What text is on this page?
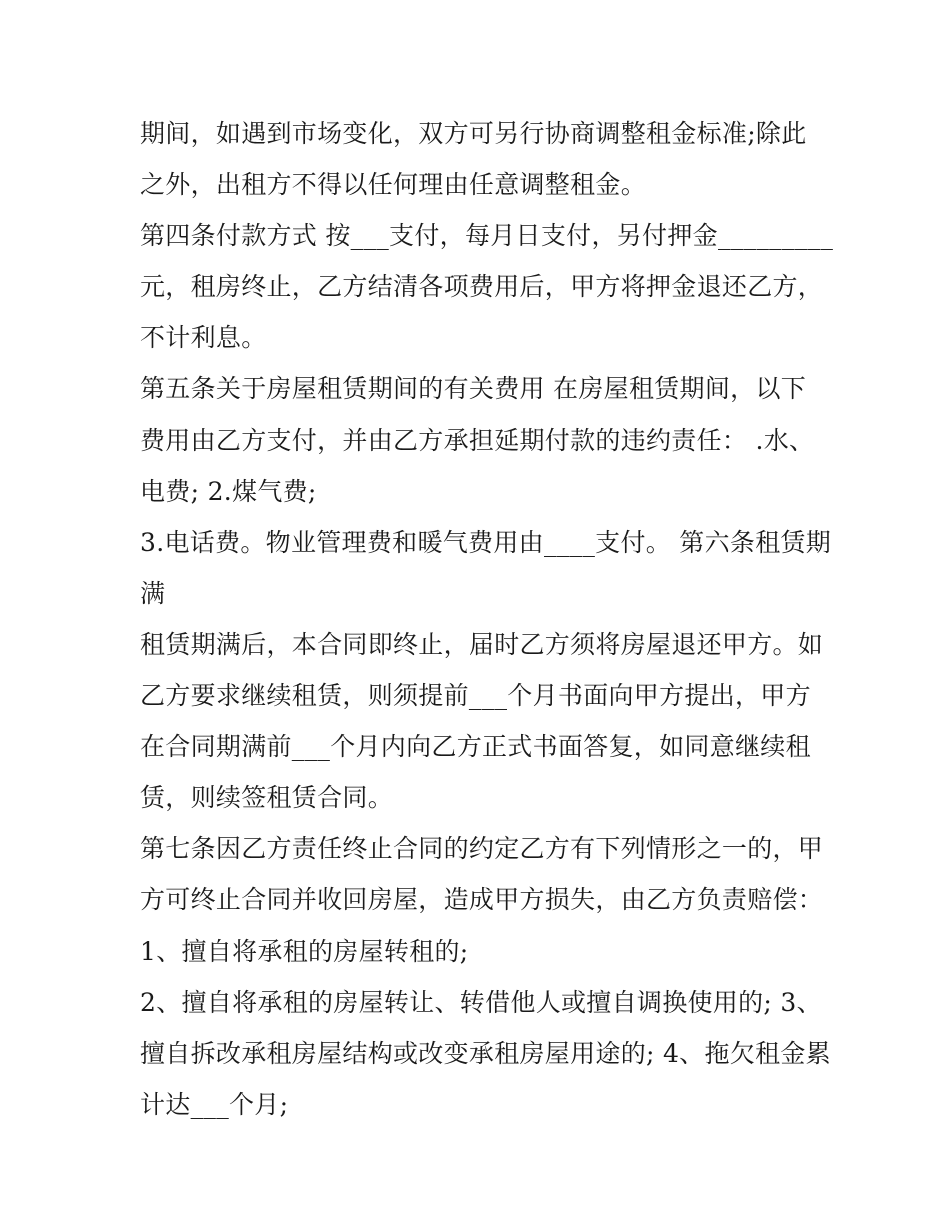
期间，如遇到市场变化，双方可另行协商调整租金标准;除此
之外，出租方不得以任何理由任意调整租金。
第四条付款方式 按___支付，每月日支付，另付押金_________
元，租房终止，乙方结清各项费用后，甲方将押金退还乙方，
不计利息。
第五条关于房屋租赁期间的有关费用 在房屋租赁期间，以下
费用由乙方支付，并由乙方承担延期付款的违约责任： .水、
电费; 2.煤气费;
3.电话费。物业管理费和暖气费用由____支付。 第六条租赁期
满
租赁期满后，本合同即终止，届时乙方须将房屋退还甲方。如
乙方要求继续租赁，则须提前___个月书面向甲方提出，甲方
在合同期满前___个月内向乙方正式书面答复，如同意继续租
赁，则续签租赁合同。
第七条因乙方责任终止合同的约定乙方有下列情形之一的，甲
方可终止合同并收回房屋，造成甲方损失，由乙方负责赔偿：
1、擅自将承租的房屋转租的;
2、擅自将承租的房屋转让、转借他人或擅自调换使用的; 3、
擅自拆改承租房屋结构或改变承租房屋用途的; 4、拖欠租金累
计达___个月;
